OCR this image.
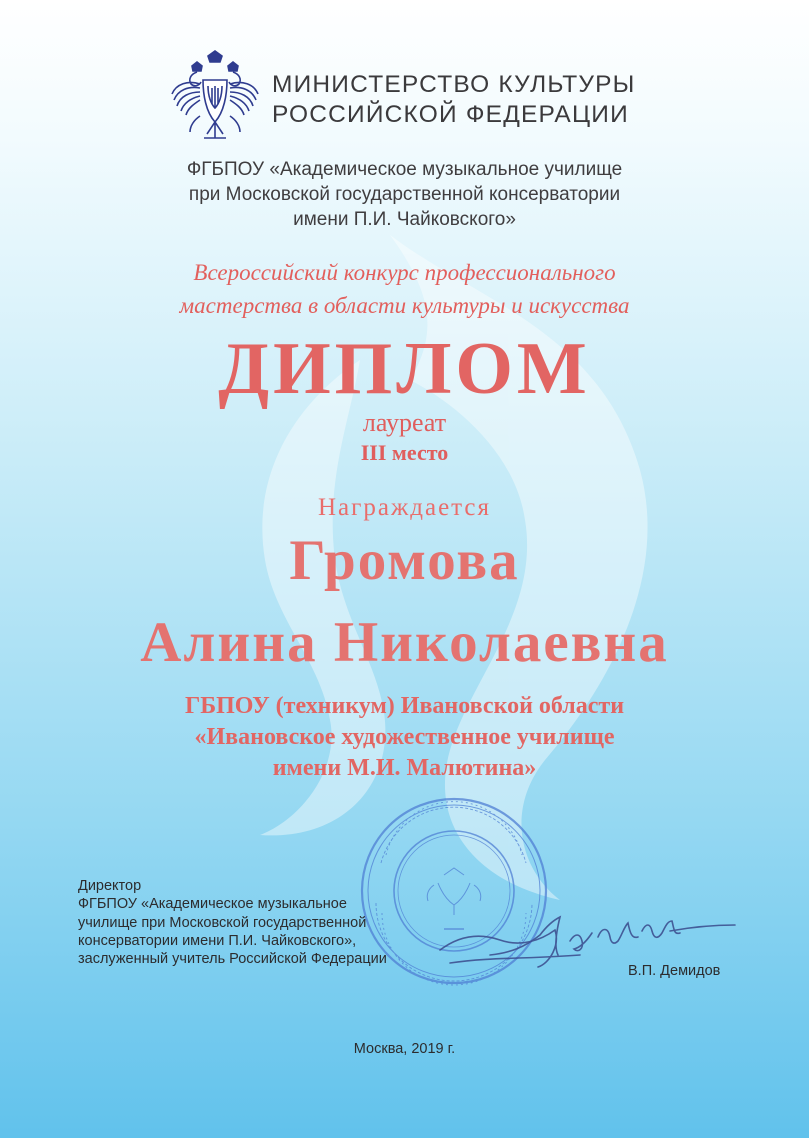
МИНИСТЕРСТВО КУЛЬТУРЫ
РОССИЙСКОЙ ФЕДЕРАЦИИ
ФГБПОУ «Академическое музыкальное училище
при Московской государственной консерватории
имени П.И. Чайковского»
Всероссийский конкурс профессионального
мастерства в области культуры и искусства
ДИПЛОМ
лауреат
III место
Награждается
Громова
Алина Николаевна
ГБПОУ (техникум) Ивановской области
«Ивановское художественное училище
имени М.И. Малютина»
Директор
ФГБПОУ «Академическое музыкальное
училище при Московской государственной
консерватории имени П.И. Чайковского»,
заслуженный учитель Российской Федерации
В.П. Демидов
Москва, 2019 г.
